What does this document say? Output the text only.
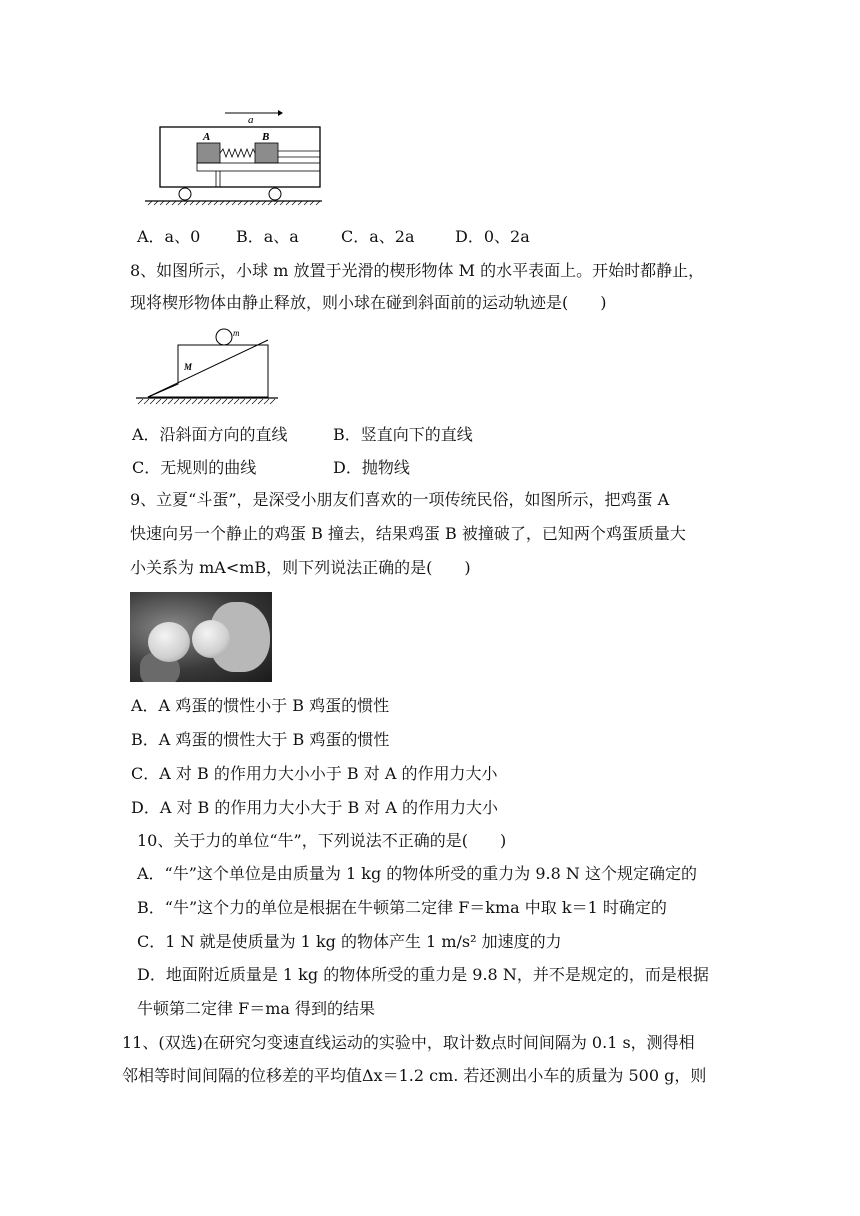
a
A	B
A．a、0 B．a、a	C．a、2a	D．0、2a
8、如图所示，小球 m 放置于光滑的楔形物体 M 的水平表面上。开始时都静止，
现将楔形物体由静止释放，则小球在碰到斜面前的运动轨迹是(　　)
m
M
A．沿斜面方向的直线	B．竖直向下的直线
C．无规则的曲线	D．抛物线
9、立夏“斗蛋”，是深受小朋友们喜欢的一项传统民俗，如图所示，把鸡蛋 A
快速向另一个静止的鸡蛋 B 撞去，结果鸡蛋 B 被撞破了，已知两个鸡蛋质量大
小关系为 mA<mB，则下列说法正确的是(　　)
A．A 鸡蛋的惯性小于 B 鸡蛋的惯性
B．A 鸡蛋的惯性大于 B 鸡蛋的惯性
C．A 对 B 的作用力大小小于 B 对 A 的作用力大小
D．A 对 B 的作用力大小大于 B 对 A 的作用力大小
10、关于力的单位“牛”，下列说法不正确的是(　　)
A．“牛”这个单位是由质量为 1 kg 的物体所受的重力为 9.8 N 这个规定确定的
B．“牛”这个力的单位是根据在牛顿第二定律 F＝kma 中取 k＝1 时确定的
C．1 N 就是使质量为 1 kg 的物体产生 1 m/s² 加速度的力
D．地面附近质量是 1 kg 的物体所受的重力是 9.8 N，并不是规定的，而是根据
牛顿第二定律 F＝ma 得到的结果
11、(双选)在研究匀变速直线运动的实验中，取计数点时间间隔为 0.1 s，测得相
邻相等时间间隔的位移差的平均值Δx＝1.2 cm. 若还测出小车的质量为 500 g，则
